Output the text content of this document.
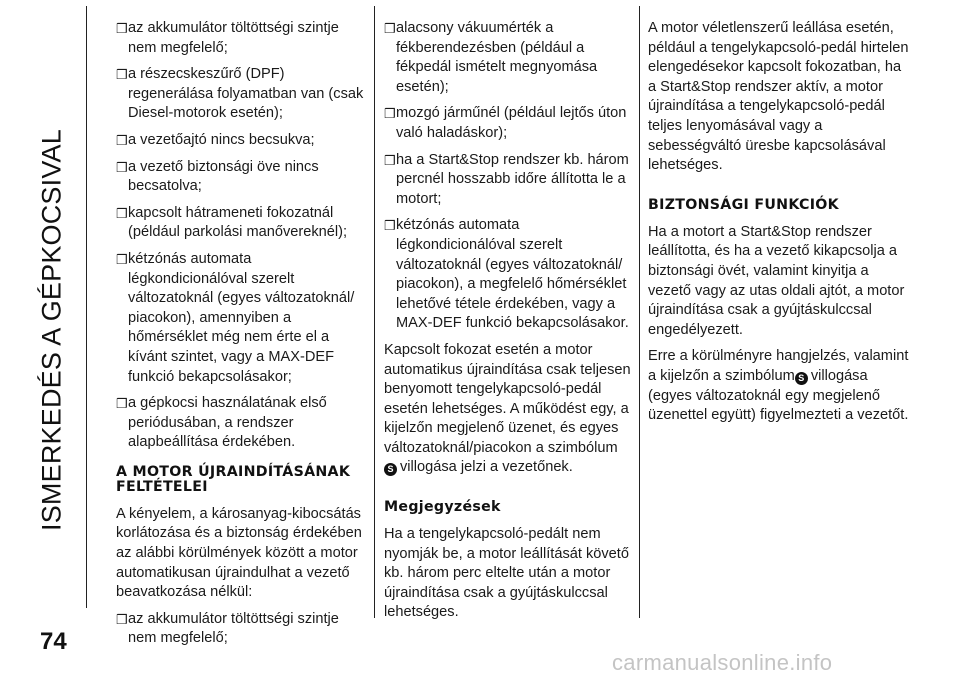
ISMERKEDÉS A GÉPKOCSIVAL
❒ az akkumulátor töltöttségi szintje nem megfelelő;
❒ a részecskeszűrő (DPF) regenerálása folyamatban van (csak Diesel-motorok esetén);
❒ a vezetőajtó nincs becsukva;
❒ a vezető biztonsági öve nincs becsatolva;
❒ kapcsolt hátrameneti fokozatnál (például parkolási manővereknél);
❒ kétzónás automata légkondicionálóval szerelt változatoknál (egyes változatoknál/ piacokon), amennyiben a hőmérséklet még nem érte el a kívánt szintet, vagy a MAX-DEF funkció bekapcsolásakor;
❒ a gépkocsi használatának első periódusában, a rendszer alapbeállítása érdekében.
A MOTOR ÚJRAINDÍTÁSÁNAK FELTÉTELEI

A kényelem, a károsanyag-kibocsátás korlátozása és a biztonság érdekében az alábbi körülmények között a motor automatikusan újraindulhat a vezető beavatkozása nélkül:

❒ az akkumulátor töltöttségi szintje nem megfelelő;
❒ alacsony vákuumérték a fékberendezésben (például a fékpedál ismételt megnyomása esetén);
❒ mozgó járműnél (például lejtős úton való haladáskor);
❒ ha a Start&Stop rendszer kb. három percnél hosszabb időre állította le a motort;
❒ kétzónás automata légkondicionálóval szerelt változatoknál (egyes változatoknál/ piacokon), a megfelelő hőmérséklet lehetővé tétele érdekében, vagy a MAX-DEF funkció bekapcsolásakor.

Kapcsolt fokozat esetén a motor automatikus újraindítása csak teljesen benyomott tengelykapcsoló-pedál esetén lehetséges. A működést egy, a kijelzőn megjelenő üzenet, és egyes változatoknál/piacokon a szimbólum
S villogása jelzi a vezetőnek.

Megjegyzések

Ha a tengelykapcsoló-pedált nem nyomják be, a motor leállítását követő kb. három perc eltelte után a motor újraindítása csak a gyújtáskulccsal lehetséges.

A motor véletlenszerű leállása esetén, például a tengelykapcsoló-pedál hirtelen elengedésekor kapcsolt fokozatban, ha a Start&Stop rendszer aktív, a motor újraindítása a tengelykapcsoló-pedál teljes lenyomásával vagy a sebességváltó üresbe kapcsolásával lehetséges.

BIZTONSÁGI FUNKCIÓK

Ha a motort a Start&Stop rendszer leállította, és ha a vezető kikapcsolja a biztonsági övét, valamint kinyitja a vezető vagy az utas oldali ajtót, a motor újraindítása csak a gyújtáskulccsal engedélyezett.

Erre a körülményre hangjelzés, valamint a kijelzőn a szimbólum S villogása (egyes változatoknál egy megjelenő üzenettel együtt) figyelmezteti a vezetőt.

74
carmanualsonline.info
